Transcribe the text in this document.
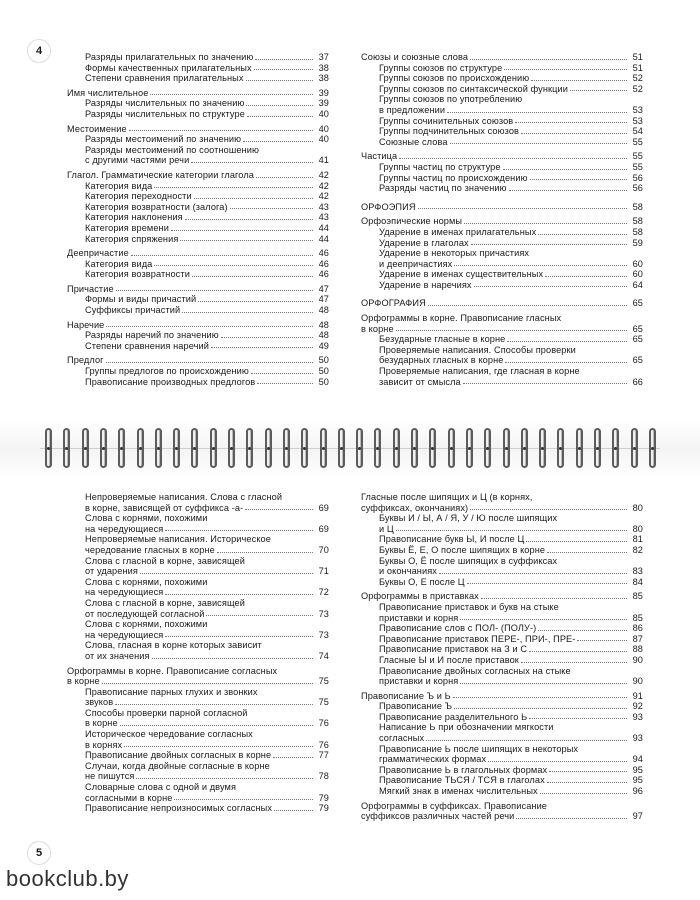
4	Разряды прилагательных по значению	37
Формы качественных прилагательных	38
Степени сравнения прилагательных	38
Имя числительное	39
Разряды числительных по значению	39
Разряды числительных по структуре	40
Местоимение	40
Разряды местоимений по значению	40
Разряды местоимений по соотношению
с другими частями речи	41
Глагол. Грамматические категории глагола	42
Категория вида	42
Категория переходности	42
Категория возвратности (залога)	43
Категория наклонения	43
Категория времени	44
Категория спряжения	44
Деепричастие	46
Категория вида	46
Категория возвратности	46
Причастие	47
Формы и виды причастий	47
Суффиксы причастий	48
Наречие	48
Разряды наречий по значению	48
Степени сравнения наречий	49
Предлог	50
Группы предлогов по происхождению	50
Правописание производных предлогов	50
Союзы и союзные слова	51
Группы союзов по структуре	51
Группы союзов по происхождению	52
Группы союзов по синтаксической функции	52
Группы союзов по употреблению
в предложении	53
Группы сочинительных союзов	53
Группы подчинительных союзов	54
Союзные слова	55
Частица	55
Группы частиц по структуре	55
Группы частиц по происхождению	56
Разряды частиц по значению	56
ОРФОЭПИЯ	58
Орфоэпические нормы	58
Ударение в именах прилагательных	58
Ударение в глаголах	59
Ударение в некоторых причастиях
и деепричастиях	60
Ударение в именах существительных	60
Ударение в наречиях	64
ОРФОГРАФИЯ	65
Орфограммы в корне. Правописание гласных
в корне	65
Безударные гласные в корне	65
Проверяемые написания. Способы проверки
безударных гласных в корне	65
Проверяемые написания, где гласная в корне
зависит от смысла	66
5
Непроверяемые написания. Слова с гласной
в корне, зависящей от суффикса -а-	69
Слова с корнями, похожими
на чередующиеся	69
Непроверяемые написания. Историческое
чередование гласных в корне	70
Слова с гласной в корне, зависящей
от ударения	71
Слова с корнями, похожими
на чередующиеся	72
Слова с гласной в корне, зависящей
от последующей согласной	73
Слова с корнями, похожими
на чередующиеся	73
Слова, гласная в корне которых зависит
от их значения	74
Орфограммы в корне. Правописание согласных
в корне	75
Правописание парных глухих и звонких
звуков	75
Способы проверки парной согласной
в корне	76
Историческое чередование согласных
в корнях	76
Правописание двойных согласных в корне	77
Случаи, когда двойные согласные в корне
не пишутся	78
Словарные слова с одной и двумя
согласными в корне	79
Правописание непроизносимых согласных	79
Гласные после шипящих и Ц (в корнях,
суффиксах, окончаниях)	80
Буквы И / Ы, А / Я, У / Ю после шипящих
и Ц	80
Правописание букв Ы, И после Ц	81
Буквы Ё, Е, О после шипящих в корне	82
Буквы О, Ё после шипящих в суффиксах
и окончаниях	83
Буквы О, Е после Ц	84
Орфограммы в приставках	85
Правописание приставок и букв на стыке
приставки и корня	85
Правописание слов с ПОЛ- (ПОЛУ-)	86
Правописание приставок ПЕРЕ-, ПРИ-, ПРЕ-	87
Правописание приставок на З и С	88
Гласные Ы и И после приставок	90
Правописание двойных согласных на стыке
приставки и корня	90
Правописание Ъ и Ь	91
Правописание Ъ	92
Правописание разделительного Ь	93
Написание Ь при обозначении мягкости
согласных	93
Правописание Ь после шипящих в некоторых
грамматических формах	94
Правописание Ь в глагольных формах	95
Правописание ТЬСЯ / ТСЯ в глаголах	95
Мягкий знак в именах числительных	96
Орфограммы в суффиксах. Правописание
суффиксов различных частей речи	97
bookclub.by
